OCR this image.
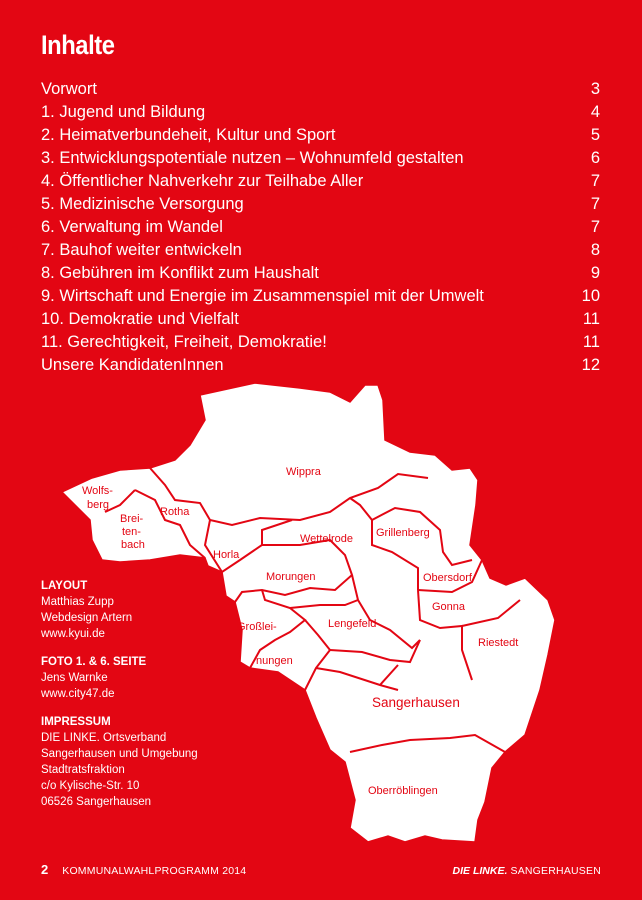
Inhalte
Vorwort	3
1. Jugend und Bildung	4
2. Heimatverbundeheit, Kultur und Sport	5
3. Entwicklungspotentiale nutzen – Wohnumfeld gestalten	6
4. Öffentlicher Nahverkehr zur Teilhabe Aller	7
5. Medizinische Versorgung	7
6. Verwaltung im Wandel	7
7. Bauhof weiter entwickeln	8
8. Gebühren im Konflikt zum Haushalt	9
9. Wirtschaft und Energie im Zusammenspiel mit der Umwelt	10
10. Demokratie und Vielfalt	11
11. Gerechtigkeit, Freiheit, Demokratie!	11
Unsere KandidatenInnen	12
Wippra
Wolfs-
berg
Brei-
ten-
bach
Rotha
Horla
Wettelrode Grillenberg
Morungen	Obersdorf
Großlei-
nungen
Lengefeld
Gonna
Riestedt
Sangerhausen
Oberröblingen
LAYOUT
Matthias Zupp
Webdesign Artern
www.kyui.de
FOTO 1. & 6. SEITE
Jens Warnke
www.city47.de
IMPRESSUM
DIE LINKE. Ortsverband
Sangerhausen und Umgebung
Stadtratsfraktion
c/o Kylische-Str. 10
06526 Sangerhausen
2 KOMMUNALWAHLPROGRAMM 2014	DIE LINKE. SANGERHAUSEN
